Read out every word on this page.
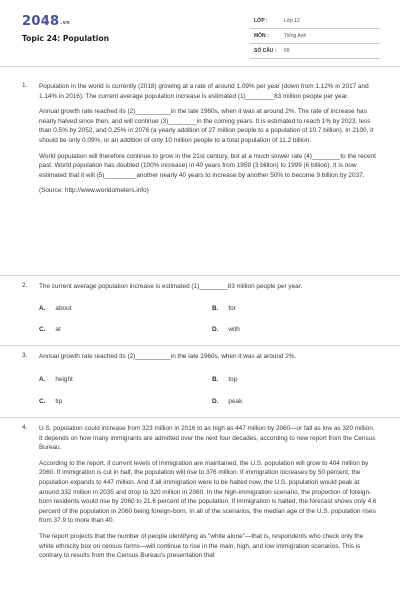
$2048^{.vn}$
Topic 24: Population
LỚP :	Lớp 12
MÔN :	Tiếng Anh
SỐ CÂU : 69
1. Population in the world is currently (2018) growing at a rate of around 1.09% per year (down from 1.12% in 2017 and 1.14% in 2016). The current average population increase is estimated (1)________83 million people per year.

Annual growth rate reached its (2)__________in the late 1960s, when it was at around 2%. The rate of increase has nearly halved since then, and will continue (3)________in the coming years. It is estimated to reach 1% by 2023, less than 0.5% by 2052, and 0.25% in 2076 (a yearly addition of 27 million people to a population of 10.7 billion). In 2100, it should be only 0.09%, or an addition of only 10 million people to a total population of 11.2 billion.

World population will therefore continue to grow in the 21st century, but at a much slower rate (4)________to the recent past. World population has doubled (100% increase) in 40 years from 1959 (3 billion) to 1999 (6 billion). It is now estimated that it will (5)_________another nearly 40 years to increase by another 50% to become 9 billion by 2037.

(Source: http://www.worldometers.info)

2. The current average population increase is estimated (1)________83 million people per year.
A. about	B. for
C. at	D. with
3. Annual growth rate reached its (2)__________in the late 1960s, when it was at around 2%.
A. height	B. top
C. tip	D. peak
4. U.S. population could increase from 323 million in 2016 to as high as 447 million by 2060—or fall as low as 320 million. It depends on how many immigrants are admitted over the next four decades, according to new report from the Census Bureau.

According to the report, if current levels of immigration are maintained, the U.S. population will grow to 404 million by 2060. If immigration is cut in half, the population will rise to 376 million. If immigration increases by 50 percent, the population expands to 447 million. And if all immigration were to be halted now, the U.S. population would peak at around 332 million in 2035 and drop to 320 million in 2060. In the high-immigration scenario, the proportion of foreign-born residents would rise by 2060 to 21.6 percent of the population. If immigration is halted, the forecast shows only 4.6 percent of the population in 2060 being foreign-born. In all of the scenarios, the median age of the U.S. population rises from 37.9 to more than 40.

The report projects that the number of people identifying as "white alone"—that is, respondents who check only the white ethnicity box on census forms—will continue to rise in the main, high, and low immigration scenarios. This is contrary to results from the Census Bureau's presentation that
